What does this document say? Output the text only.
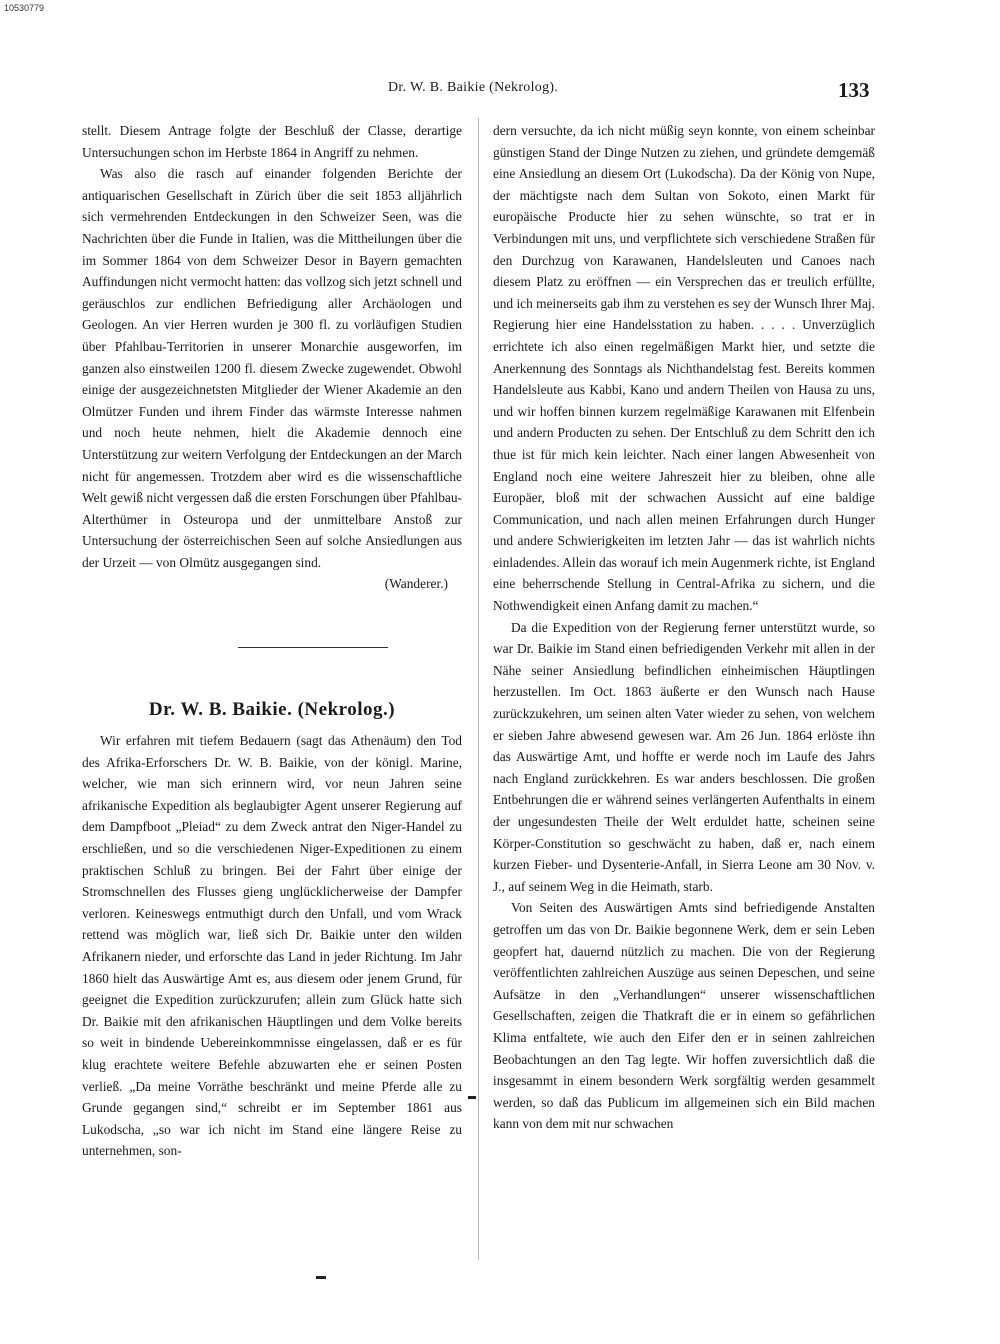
10530779
Dr. W. B. Baikie (Nekrolog).	133

stellt. Diesem Antrage folgte der Beschluß der Classe, derartige Untersuchungen schon im Herbste 1864 in Angriff zu nehmen.

Was also die rasch auf einander folgenden Berichte der antiquarischen Gesellschaft in Zürich über die seit 1853 alljährlich sich vermehrenden Entdeckungen in den Schweizer Seen, was die Nachrichten über die Funde in Italien, was die Mittheilungen über die im Sommer 1864 von dem Schweizer Desor in Bayern gemachten Auffindungen nicht vermocht hatten: das vollzog sich jetzt schnell und geräuschlos zur endlichen Befriedigung aller Archäologen und Geologen. An vier Herren wurden je 300 fl. zu vorläufigen Studien über Pfahlbau-Territorien in unserer Monarchie ausgeworfen, im ganzen also einstweilen 1200 fl. diesem Zwecke zugewendet. Obwohl einige der ausgezeichnetsten Mitglieder der Wiener Akademie an den Olmützer Funden und ihrem Finder das wärmste Interesse nahmen und noch heute nehmen, hielt die Akademie dennoch eine Unterstützung zur weitern Verfolgung der Entdeckungen an der March nicht für angemessen. Trotzdem aber wird es die wissenschaftliche Welt gewiß nicht vergessen daß die ersten Forschungen über Pfahlbau-Alterthümer in Osteuropa und der unmittelbare Anstoß zur Untersuchung der österreichischen Seen auf solche Ansiedlungen aus der Urzeit — von Olmütz ausgegangen sind.

(Wanderer.)

Dr. W. B. Baikie. (Nekrolog.)

Wir erfahren mit tiefem Bedauern (sagt das Athenäum) den Tod des Afrika-Erforschers Dr. W. B. Baikie, von der königl. Marine, welcher, wie man sich erinnern wird, vor neun Jahren seine afrikanische Expedition als beglaubigter Agent unserer Regierung auf dem Dampfboot „Pleiad“ zu dem Zweck antrat den Niger-Handel zu erschließen, und so die verschiedenen Niger-Expeditionen zu einem praktischen Schluß zu bringen. Bei der Fahrt über einige der Stromschnellen des Flusses gieng unglücklicherweise der Dampfer verloren. Keineswegs entmuthigt durch den Unfall, und vom Wrack rettend was möglich war, ließ sich Dr. Baikie unter den wilden Afrikanern nieder, und erforschte das Land in jeder Richtung. Im Jahr 1860 hielt das Auswärtige Amt es, aus diesem oder jenem Grund, für geeignet die Expedition zurückzurufen; allein zum Glück hatte sich Dr. Baikie mit den afrikanischen Häuptlingen und dem Volke bereits so weit in bindende Uebereinkommnisse eingelassen, daß er es für klug erachtete weitere Befehle abzuwarten ehe er seinen Posten verließ. „Da meine Vorräthe beschränkt und meine Pferde alle zu Grunde gegangen sind,“ schreibt er im September 1861 aus Lukodscha, „so war ich nicht im Stand eine längere Reise zu unternehmen, son-

dern versuchte, da ich nicht müßig seyn konnte, von einem scheinbar günstigen Stand der Dinge Nutzen zu ziehen, und gründete demgemäß eine Ansiedlung an diesem Ort (Lukodscha). Da der König von Nupe, der mächtigste nach dem Sultan von Sokoto, einen Markt für europäische Producte hier zu sehen wünschte, so trat er in Verbindungen mit uns, und verpflichtete sich verschiedene Straßen für den Durchzug von Karawanen, Handelsleuten und Canoes nach diesem Platz zu eröffnen — ein Versprechen das er treulich erfüllte, und ich meinerseits gab ihm zu verstehen es sey der Wunsch Ihrer Maj. Regierung hier eine Handelsstation zu haben. . . . . Unverzüglich errichtete ich also einen regelmäßigen Markt hier, und setzte die Anerkennung des Sonntags als Nichthandelstag fest. Bereits kommen Handelsleute aus Kabbi, Kano und andern Theilen von Hausa zu uns, und wir hoffen binnen kurzem regelmäßige Karawanen mit Elfenbein und andern Producten zu sehen. Der Entschluß zu dem Schritt den ich thue ist für mich kein leichter. Nach einer langen Abwesenheit von England noch eine weitere Jahreszeit hier zu bleiben, ohne alle Europäer, bloß mit der schwachen Aussicht auf eine baldige Communication, und nach allen meinen Erfahrungen durch Hunger und andere Schwierigkeiten im letzten Jahr — das ist wahrlich nichts einladendes. Allein das worauf ich mein Augenmerk richte, ist England eine beherrschende Stellung in Central-Afrika zu sichern, und die Nothwendigkeit einen Anfang damit zu machen.“

Da die Expedition von der Regierung ferner unterstützt wurde, so war Dr. Baikie im Stand einen befriedigenden Verkehr mit allen in der Nähe seiner Ansiedlung befindlichen einheimischen Häuptlingen herzustellen. Im Oct. 1863 äußerte er den Wunsch nach Hause zurückzukehren, um seinen alten Vater wieder zu sehen, von welchem er sieben Jahre abwesend gewesen war. Am 26 Jun. 1864 erlöste ihn das Auswärtige Amt, und hoffte er werde noch im Laufe des Jahrs nach England zurückkehren. Es war anders beschlossen. Die großen Entbehrungen die er während seines verlängerten Aufenthalts in einem der ungesundesten Theile der Welt erduldet hatte, scheinen seine Körper-Constitution so geschwächt zu haben, daß er, nach einem kurzen Fieber- und Dysenterie-Anfall, in Sierra Leone am 30 Nov. v. J., auf seinem Weg in die Heimath, starb.

Von Seiten des Auswärtigen Amts sind befriedigende Anstalten getroffen um das von Dr. Baikie begonnene Werk, dem er sein Leben geopfert hat, dauernd nützlich zu machen. Die von der Regierung veröffentlichten zahlreichen Auszüge aus seinen Depeschen, und seine Aufsätze in den „Verhandlungen“ unserer wissenschaftlichen Gesellschaften, zeigen die Thatkraft die er in einem so gefährlichen Klima entfaltete, wie auch den Eifer den er in seinen zahlreichen Beobachtungen an den Tag legte. Wir hoffen zuversichtlich daß die insgesammt in einem besondern Werk sorgfältig werden gesammelt werden, so daß das Publicum im allgemeinen sich ein Bild machen kann von dem mit nur schwachen
